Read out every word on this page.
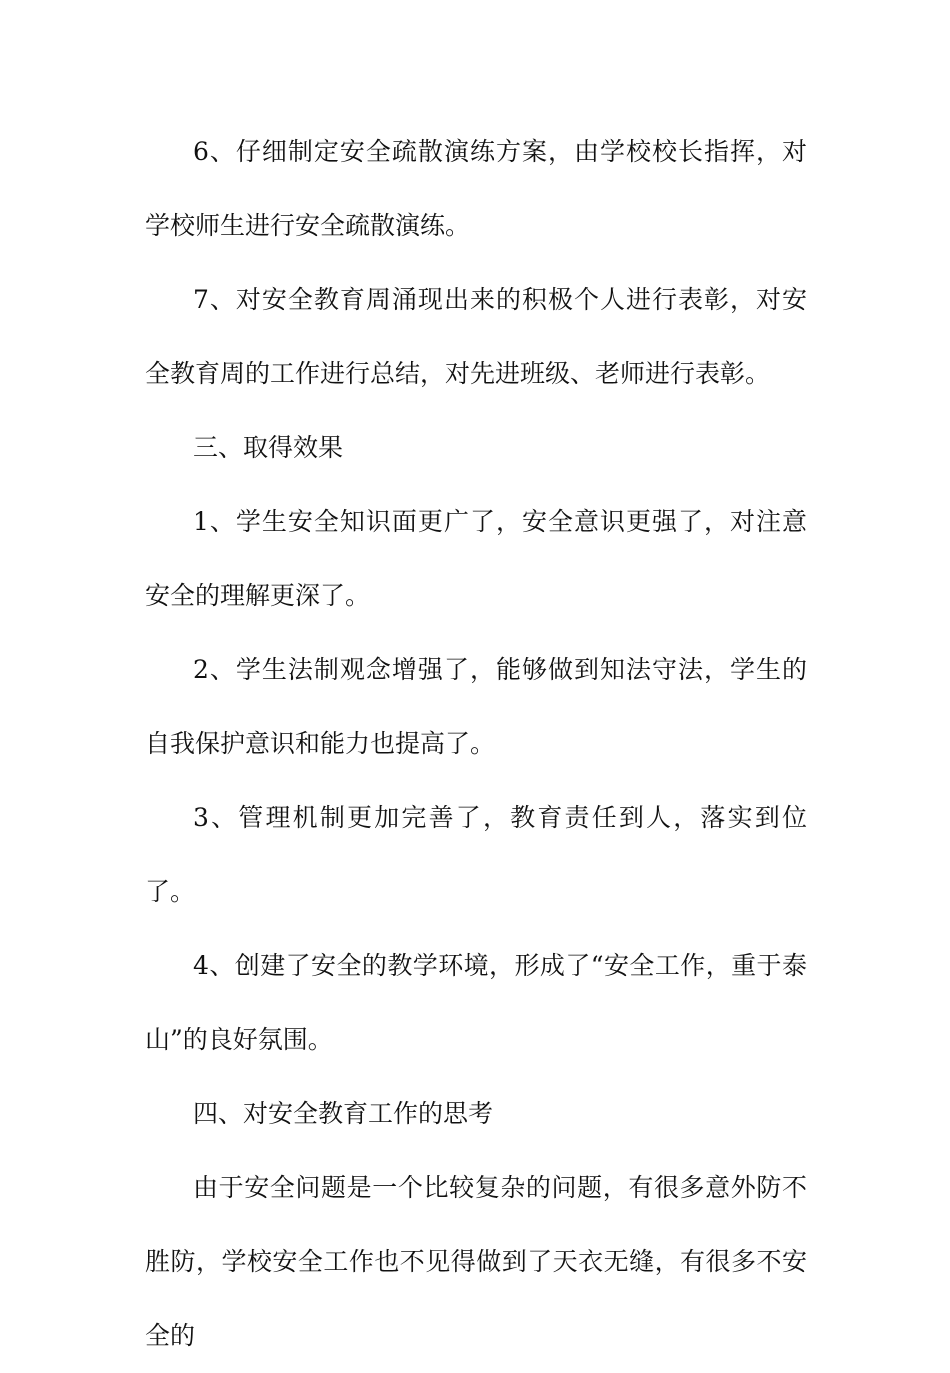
6、仔细制定安全疏散演练方案，由学校校长指挥，对学校师生进行安全疏散演练。

7、对安全教育周涌现出来的积极个人进行表彰，对安全教育周的工作进行总结，对先进班级、老师进行表彰。

三、取得效果

1、学生安全知识面更广了，安全意识更强了，对注意安全的理解更深了。

2、学生法制观念增强了，能够做到知法守法，学生的自我保护意识和能力也提高了。

3、管理机制更加完善了，教育责任到人，落实到位了。

4、创建了安全的教学环境，形成了“安全工作，重于泰山”的良好氛围。

四、对安全教育工作的思考

由于安全问题是一个比较复杂的问题，有很多意外防不胜防，学校安全工作也不见得做到了天衣无缝，有很多不安全的
